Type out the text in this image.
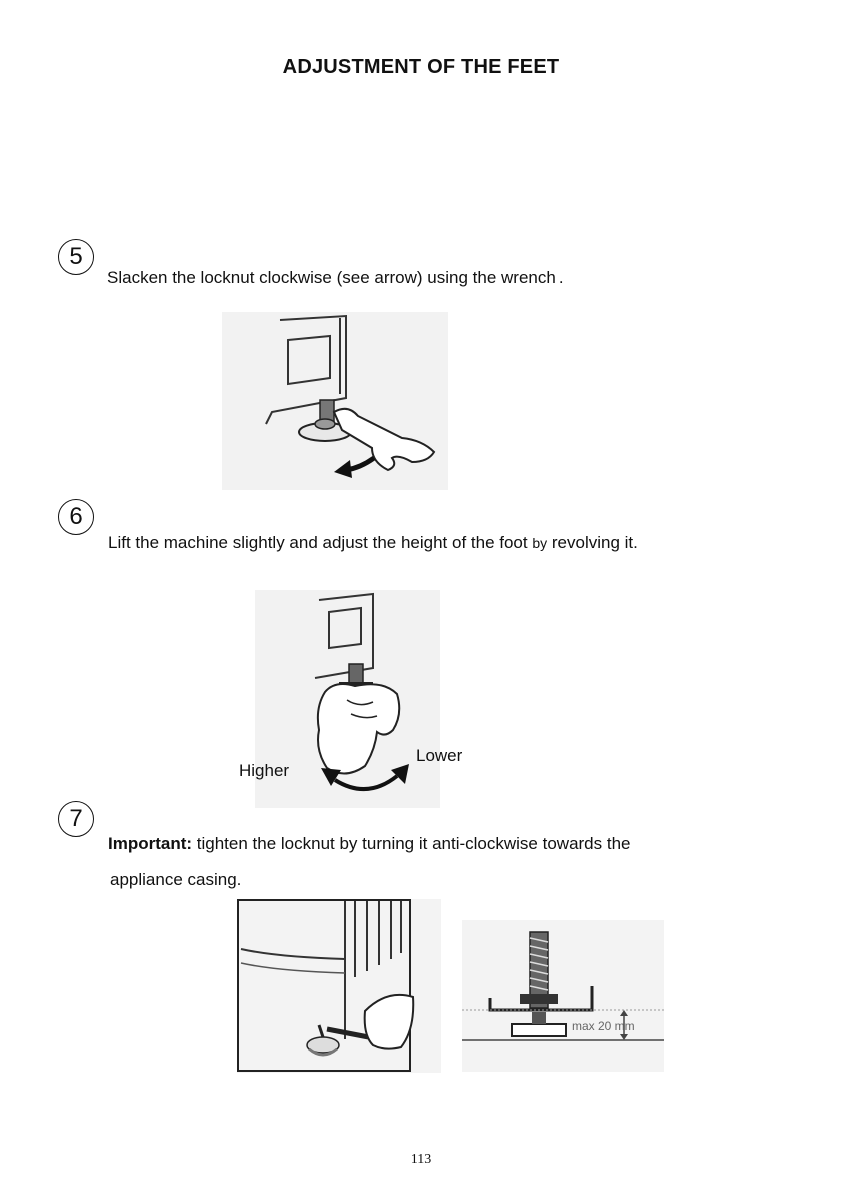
ADJUSTMENT OF THE FEET
5
Slacken the locknut clockwise (see arrow) using the wrench .
6
Lift the machine slightly and adjust the height of the foot by revolving it.
Higher
Lower
7
Important: tighten the locknut by turning it anti-clockwise towards the
appliance casing.
max 20 mm
113
